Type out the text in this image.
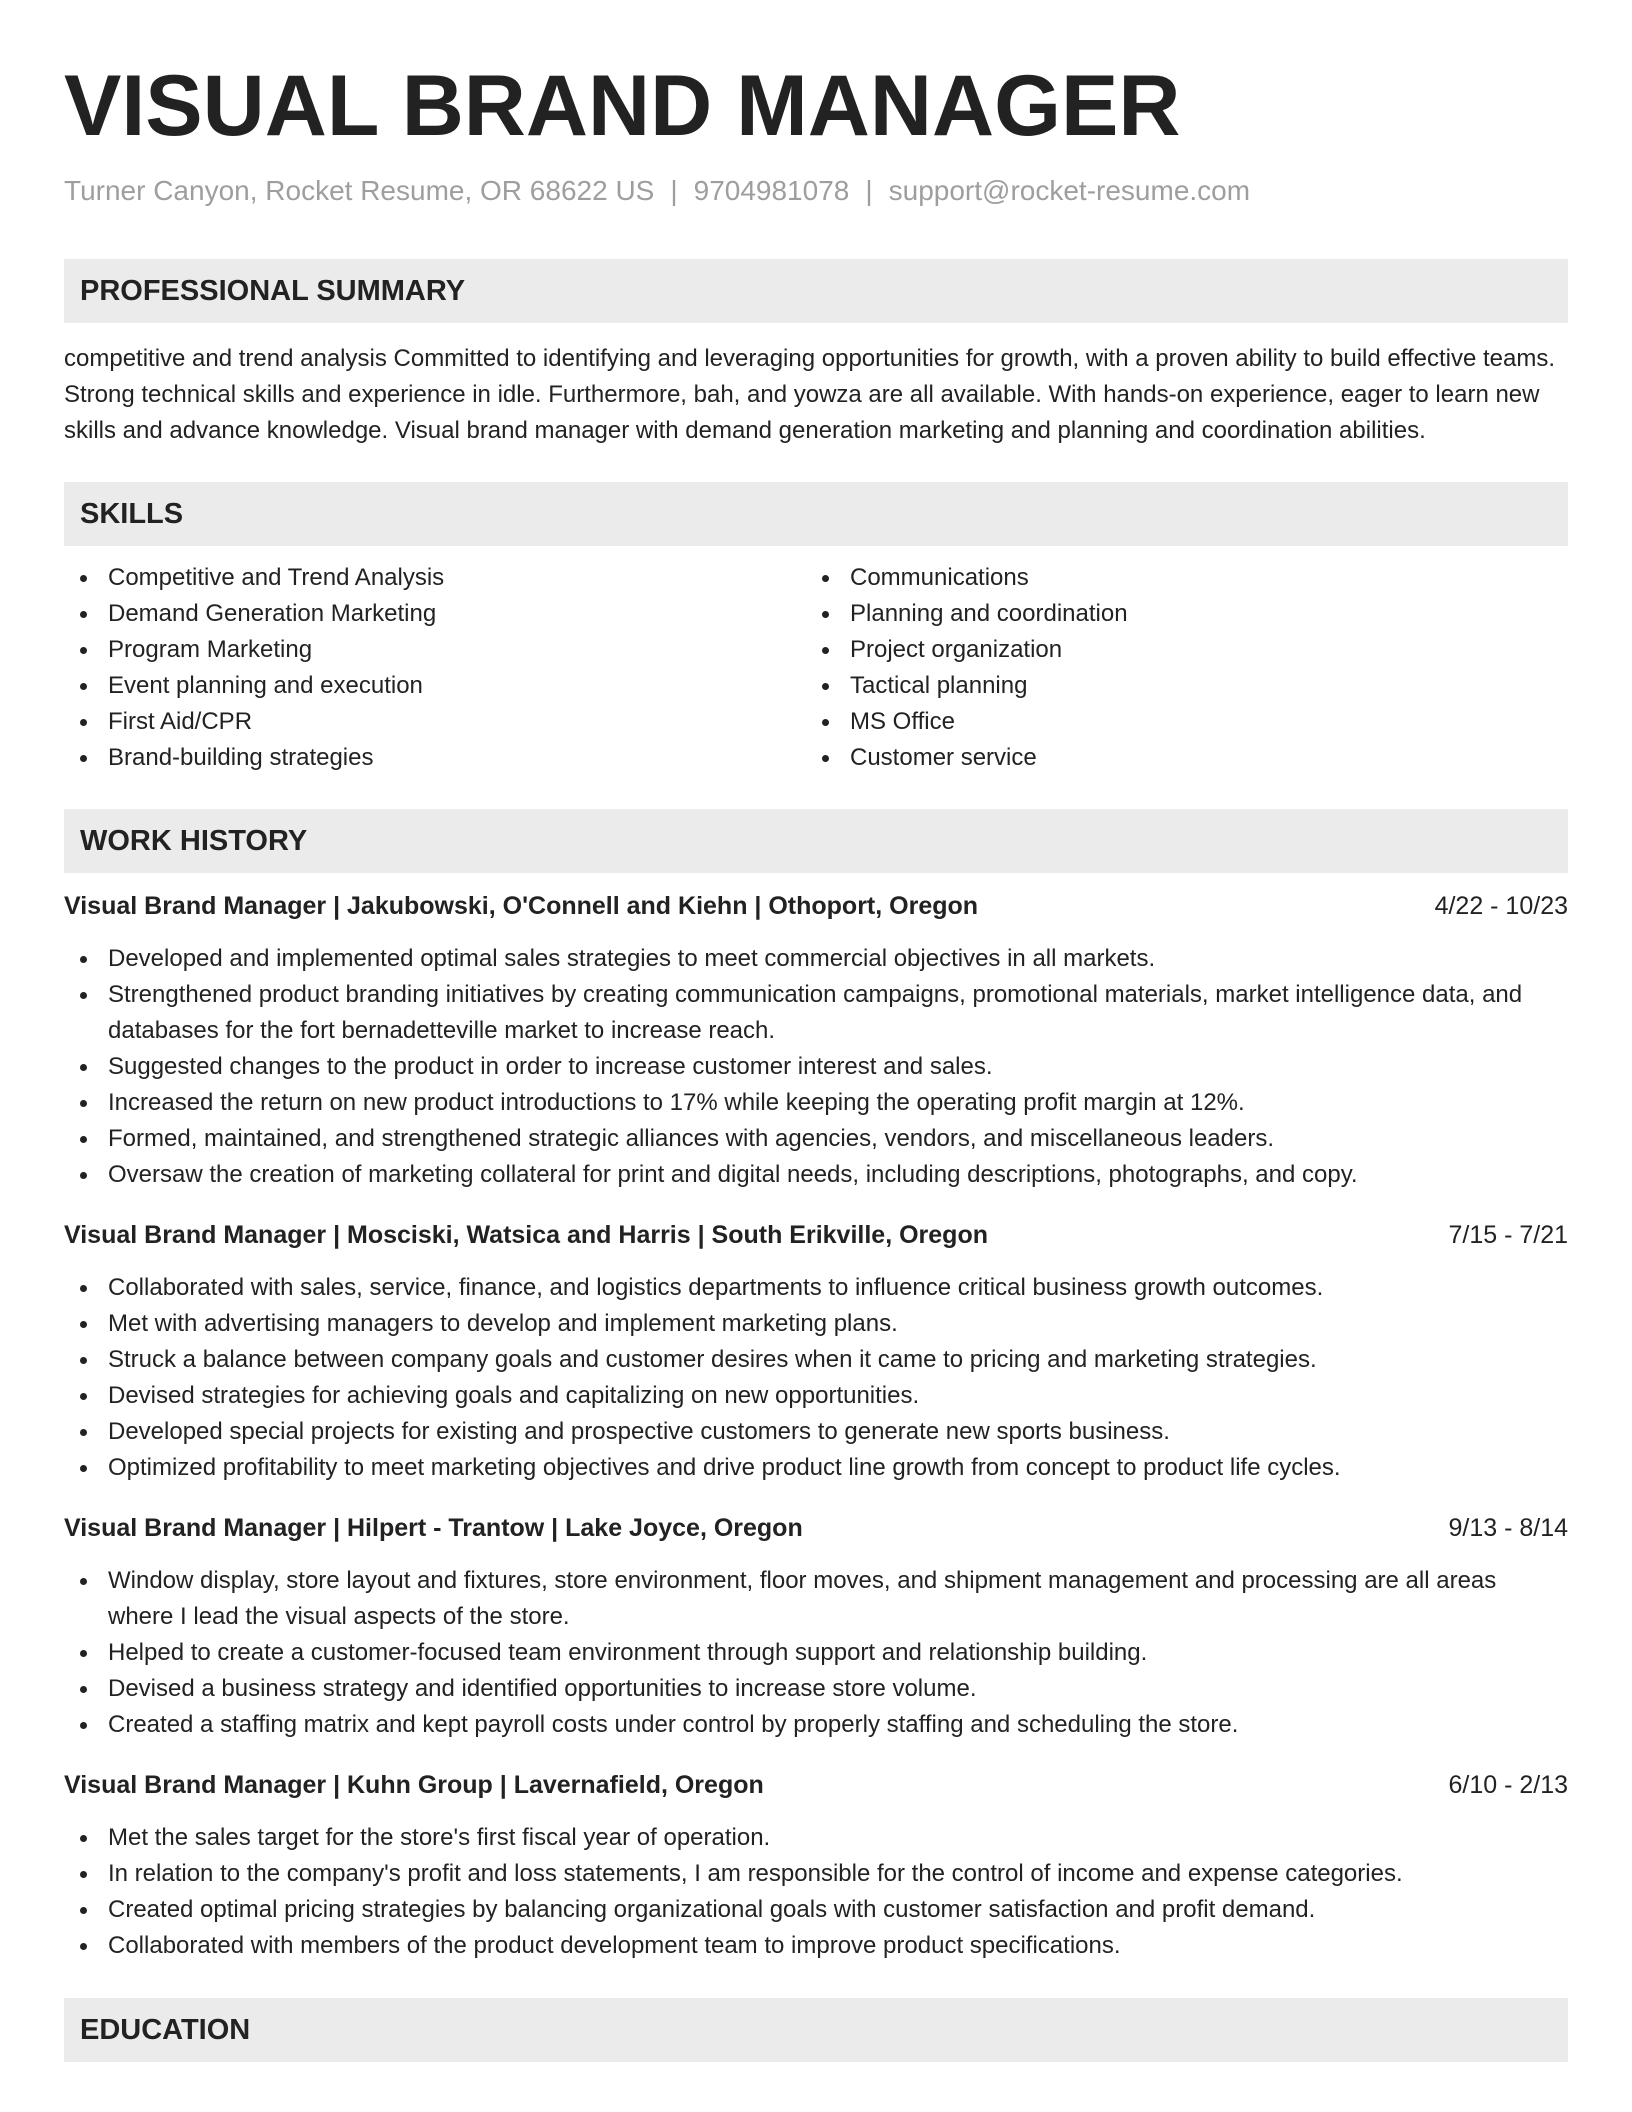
VISUAL BRAND MANAGER
Turner Canyon, Rocket Resume, OR 68622 US | 9704981078 | support@rocket-resume.com
PROFESSIONAL SUMMARY

competitive and trend analysis Committed to identifying and leveraging opportunities for growth, with a proven ability to build effective teams. Strong technical skills and experience in idle. Furthermore, bah, and yowza are all available. With hands-on experience, eager to learn new skills and advance knowledge. Visual brand manager with demand generation marketing and planning and coordination abilities.

SKILLS
Competitive and Trend Analysis
Demand Generation Marketing
Program Marketing
Event planning and execution
First Aid/CPR
Brand-building strategies
Communications
Planning and coordination
Project organization
Tactical planning
MS Office
Customer service
WORK HISTORY
Visual Brand Manager | Jakubowski, O'Connell and Kiehn | Othoport, Oregon	4/22 - 10/23
Developed and implemented optimal sales strategies to meet commercial objectives in all markets.
Strengthened product branding initiatives by creating communication campaigns, promotional materials, market intelligence data, and databases for the fort bernadetteville market to increase reach.
Suggested changes to the product in order to increase customer interest and sales.
Increased the return on new product introductions to 17% while keeping the operating profit margin at 12%.
Formed, maintained, and strengthened strategic alliances with agencies, vendors, and miscellaneous leaders.
Oversaw the creation of marketing collateral for print and digital needs, including descriptions, photographs, and copy.
Visual Brand Manager | Mosciski, Watsica and Harris | South Erikville, Oregon	7/15 - 7/21
Collaborated with sales, service, finance, and logistics departments to influence critical business growth outcomes.
Met with advertising managers to develop and implement marketing plans.
Struck a balance between company goals and customer desires when it came to pricing and marketing strategies.
Devised strategies for achieving goals and capitalizing on new opportunities.
Developed special projects for existing and prospective customers to generate new sports business.
Optimized profitability to meet marketing objectives and drive product line growth from concept to product life cycles.
Visual Brand Manager | Hilpert - Trantow | Lake Joyce, Oregon	9/13 - 8/14
Window display, store layout and fixtures, store environment, floor moves, and shipment management and processing are all areas where I lead the visual aspects of the store.
Helped to create a customer-focused team environment through support and relationship building.
Devised a business strategy and identified opportunities to increase store volume.
Created a staffing matrix and kept payroll costs under control by properly staffing and scheduling the store.
Visual Brand Manager | Kuhn Group | Lavernafield, Oregon	6/10 - 2/13
Met the sales target for the store's first fiscal year of operation.
In relation to the company's profit and loss statements, I am responsible for the control of income and expense categories.
Created optimal pricing strategies by balancing organizational goals with customer satisfaction and profit demand.
Collaborated with members of the product development team to improve product specifications.
EDUCATION
